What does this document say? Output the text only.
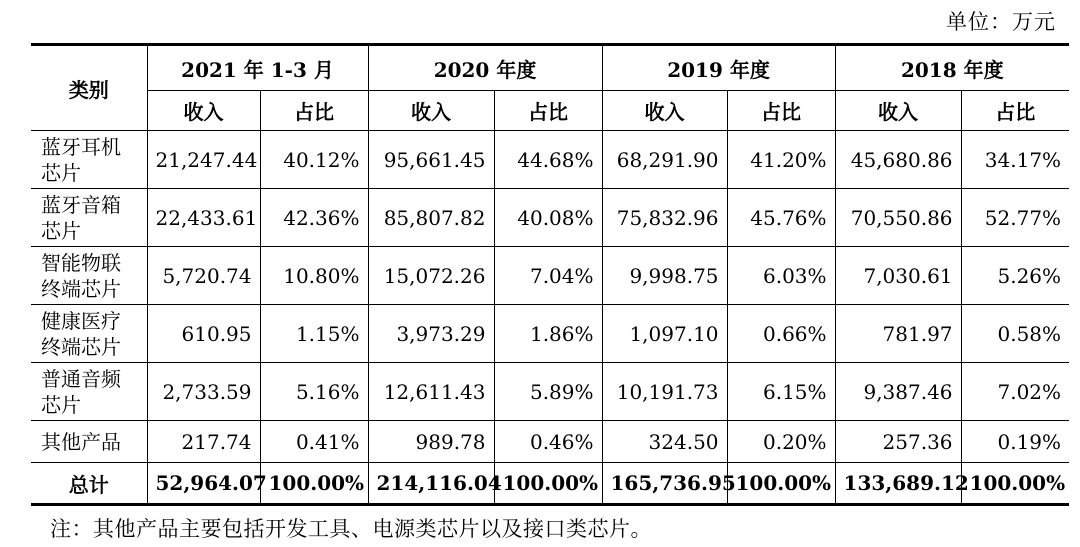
单位：万元
类别	2021 年 1-3 月		2020 年度		2019 年度		2018 年度	
	收入	占比	收入	占比	收入	占比	收入	占比
蓝牙耳机芯片	21,247.44	40.12%	95,661.45	44.68%	68,291.90	41.20%	45,680.86	34.17%
蓝牙音箱芯片	22,433.61	42.36%	85,807.82	40.08%	75,832.96	45.76%	70,550.86	52.77%
智能物联终端芯片	5,720.74	10.80%	15,072.26	7.04%	9,998.75	6.03%	7,030.61	5.26%
健康医疗终端芯片	610.95	1.15%	3,973.29	1.86%	1,097.10	0.66%	781.97	0.58%
普通音频芯片	2,733.59	5.16%	12,611.43	5.89%	10,191.73	6.15%	9,387.46	7.02%
其他产品	217.74	0.41%	989.78	0.46%	324.50	0.20%	257.36	0.19%
总计	52,964.07	100.00%	214,116.04	100.00%	165,736.95	100.00%	133,689.12	100.00%
注：其他产品主要包括开发工具、电源类芯片以及接口类芯片。
